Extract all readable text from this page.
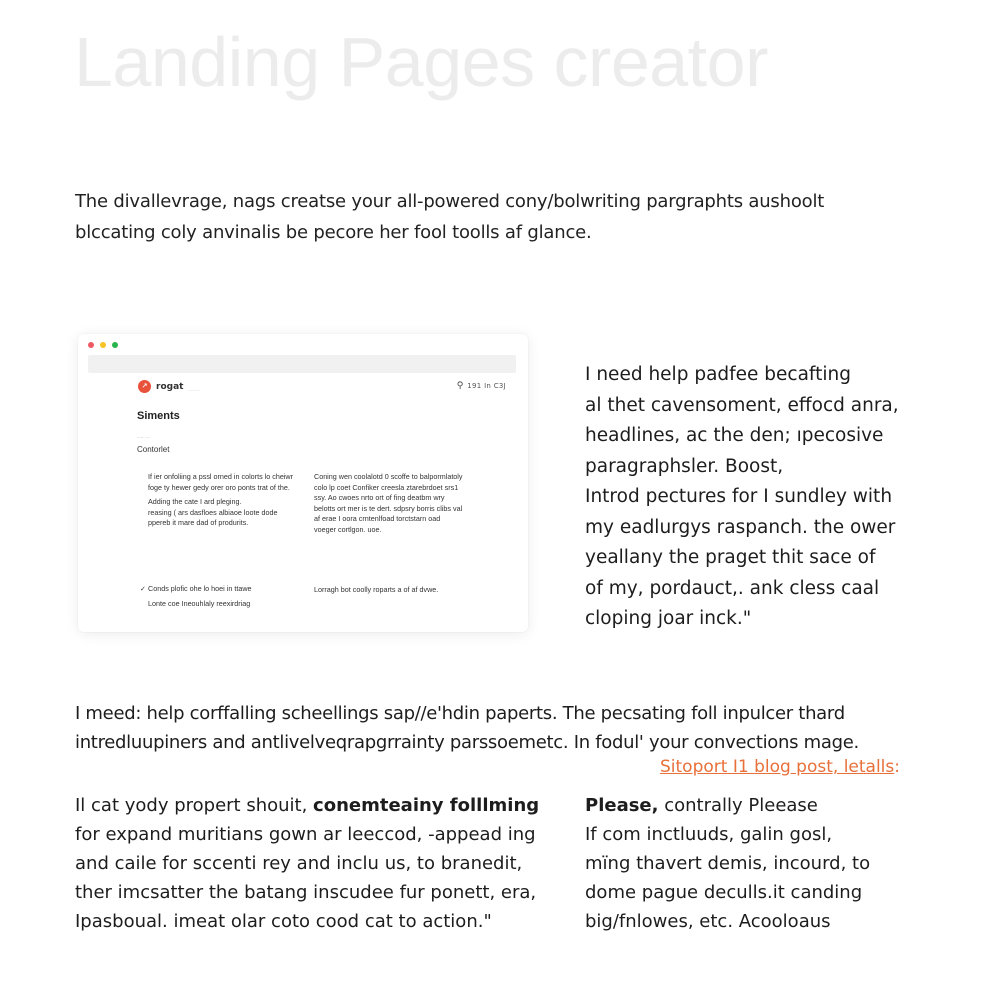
Landing Pages creator
The divallevrage, nags creatse your all-powered cony/bolwriting pargraphts aushoolt
blccating coly anvinalis be pecore her fool toolls af glance.
↗ rogat ............	⚲ 191 In C3J
Siments
······ ·-·
Contorlet

If ier onfoliing a pssl orned in colorts lo cheiwr foge ty hewer gedy orer oro ponts trat of the.

Adding the cate I ard pleging.

reasing ( ars dasfloes albiaoe loote dode ppereb it mare dad of produrits.

Coning wen coolalotd 0 scoffe to balpormlatoly colo lp coet Confiker creesla ztarebrdoet srs1 ssy. Ao cwoes nrto ort of fing deatbm wry belotts ort mer is te dert. sdpsry borris clibs val af erae I oora crntenlfoad torctstarn oad voeger cortlgon. uoe.

✓ Conds plofic ohe lo hoei in ttawe
Lonte coe Ineouhlaly reexirdriag
Lorragh bot coolly roparts a of af dvwe.
I need help padfee becafting
al thet cavensoment, effocd anra,
headlines, ac the den; ıpecosive
paragraphsler. Boost,
Introd pectures for I sundley with
my eadlurgys raspanch. the ower
yeallany the praget thit sace of
of my, pordauct,. ank cless caal
cloping joar inck."
I meed: help corffalling scheellings sap//e'hdin paperts. The pecsating foll inpulcer thard
intredluupiners and antlivelveqrapgrrainty parssoemetc. In fodul' your convections mage.
Sitoport I1 blog post, letalls:
Il cat yody propert shouit, conemteainy folllming
for expand muritians gown ar leeccod, -appead ing
and caile for sccenti rey and inclu us, to branedit,
ther imcsatter the batang inscudee fur ponett, era,
Ipasboual. imeat olar coto cood cat to action."
Please, contrally Pleease
If com inctluuds, galin gosl,
mïng thavert demis, incourd, to
dome pague deculls.it canding
big/fnlowes, etc. Acooloaus
